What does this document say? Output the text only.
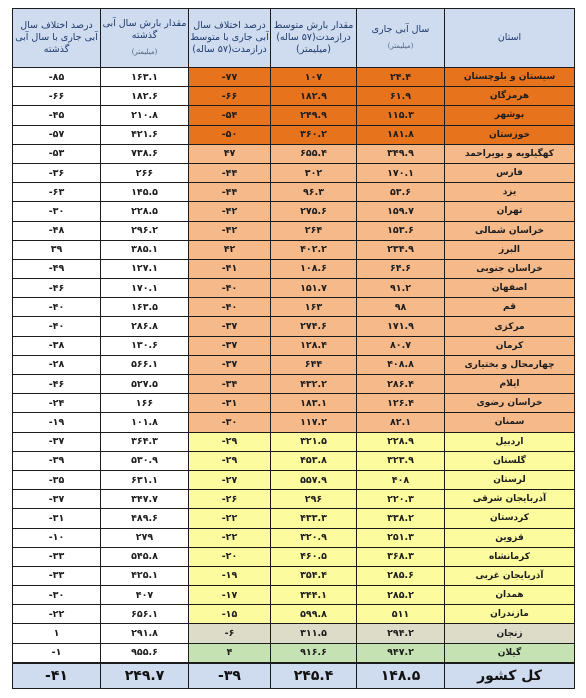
درصد اختلاف سال آبی جاری با سال آبی گذشته	مقدار بارش سال آبی گذشته
(میلیمتر)	درصد اختلاف سال آبی جاری با متوسط درازمدت(۵۷ ساله)	مقدار بارش متوسط درازمدت(۵۷ ساله) (میلیمتر)	سال آبی جاری
(میلیمتر)	استان
-۸۵	۱۶۳.۱	-۷۷	۱۰۷	۲۴.۴	سیستان و بلوچستان
-۶۶	۱۸۲.۶	-۶۶	۱۸۲.۹	۶۱.۹	هرمزگان
-۴۵	۲۱۰.۸	-۵۴	۲۴۹.۹	۱۱۵.۳	بوشهر
-۵۷	۴۲۱.۶	-۵۰	۳۶۰.۲	۱۸۱.۸	خوزستان
-۵۳	۷۳۸.۶	۴۷	۶۵۵.۴	۳۴۹.۹	کهگیلویه و بویراحمد
-۳۶	۲۶۶	-۴۴	۳۰۲	۱۷۰.۱	فارس
-۶۳	۱۴۵.۵	-۴۴	۹۶.۳	۵۳.۶	یزد
-۳۰	۲۲۸.۵	-۴۲	۲۷۵.۶	۱۵۹.۷	تهران
-۴۸	۲۹۶.۲	-۴۲	۲۶۴	۱۵۳.۶	خراسان شمالی
۳۹	۳۸۵.۱	۴۲	۴۰۲.۲	۲۳۴.۹	البرز
-۴۹	۱۲۷.۱	-۴۱	۱۰۸.۶	۶۴.۶	خراسان جنوبی
-۴۶	۱۷۰.۱	-۴۰	۱۵۱.۷	۹۱.۲	اصفهان
-۴۰	۱۶۳.۵	-۴۰	۱۶۳	۹۸	قم
-۴۰	۲۸۶.۸	-۳۷	۲۷۴.۶	۱۷۱.۹	مرکزی
-۳۸	۱۳۰.۶	-۳۷	۱۲۸.۴	۸۰.۷	کرمان
-۲۸	۵۶۶.۱	-۳۷	۶۴۴	۴۰۸.۸	چهارمحال و بختیاری
-۴۶	۵۲۷.۵	-۳۴	۴۳۲.۲	۲۸۶.۴	ایلام
-۲۴	۱۶۶	-۳۱	۱۸۳.۱	۱۲۶.۴	خراسان رضوی
-۱۹	۱۰۱.۸	-۳۰	۱۱۷.۲	۸۲.۱	سمنان
-۳۷	۳۶۴.۳	-۲۹	۳۲۱.۵	۲۲۸.۹	اردبیل
-۳۹	۵۳۰.۹	-۲۹	۴۵۳.۸	۳۲۳.۹	گلستان
-۳۵	۶۳۱.۱	-۲۷	۵۵۷.۹	۴۰۸	لرستان
-۳۷	۳۴۷.۷	-۲۶	۲۹۶	۲۲۰.۳	آذربایجان شرقی
-۳۱	۴۸۹.۶	-۲۲	۴۳۳.۳	۳۳۸.۲	کردستان
-۱۰	۲۷۹	-۲۲	۳۲۰.۹	۲۵۱.۳	قزوین
-۳۳	۵۴۵.۸	-۲۰	۴۶۰.۵	۳۶۸.۳	کرمانشاه
-۳۳	۴۲۵.۱	-۱۹	۳۵۴.۴	۲۸۵.۶	آذربایجان غربی
-۳۰	۴۰۷	-۱۷	۳۴۴.۱	۲۸۵.۲	همدان
-۲۲	۶۵۶.۱	-۱۵	۵۹۹.۸	۵۱۱	مازندران
۱	۲۹۱.۸	-۶	۳۱۱.۵	۲۹۴.۲	زنجان
-۱	۹۵۵.۶	۴	۹۱۶.۶	۹۴۷.۲	گیلان
-۴۱	۲۴۹.۷	-۳۹	۲۴۵.۴	۱۴۸.۵	کل کشور
